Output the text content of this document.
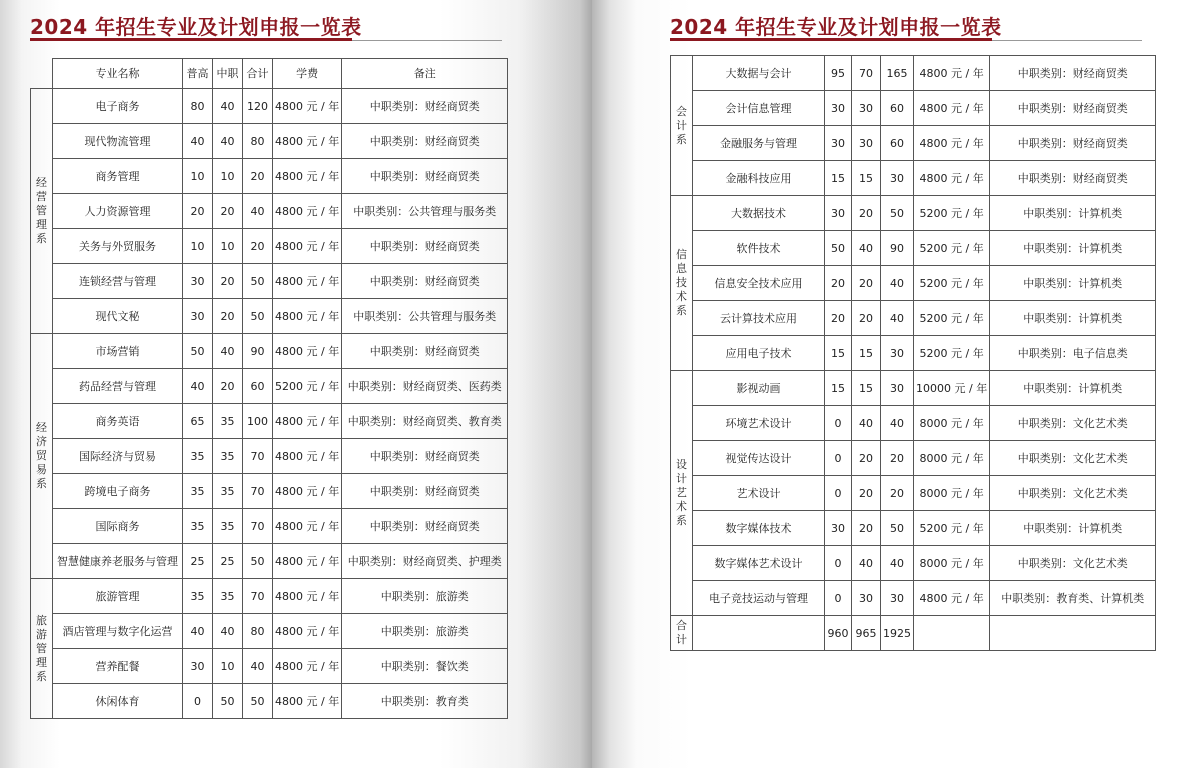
2024 年招生专业及计划申报一览表
	专业名称	普高	中职	合计	学费	备注
经营管理系	电子商务	80	40	120	4800 元 / 年	中职类别：财经商贸类
	现代物流管理	40	40	80	4800 元 / 年	中职类别：财经商贸类
	商务管理	10	10	20	4800 元 / 年	中职类别：财经商贸类
	人力资源管理	20	20	40	4800 元 / 年	中职类别：公共管理与服务类
	关务与外贸服务	10	10	20	4800 元 / 年	中职类别：财经商贸类
	连锁经营与管理	30	20	50	4800 元 / 年	中职类别：财经商贸类
	现代文秘	30	20	50	4800 元 / 年	中职类别：公共管理与服务类
经济贸易系	市场营销	50	40	90	4800 元 / 年	中职类别：财经商贸类
	药品经营与管理	40	20	60	5200 元 / 年	中职类别：财经商贸类、医药类
	商务英语	65	35	100	4800 元 / 年	中职类别：财经商贸类、教育类
	国际经济与贸易	35	35	70	4800 元 / 年	中职类别：财经商贸类
	跨境电子商务	35	35	70	4800 元 / 年	中职类别：财经商贸类
	国际商务	35	35	70	4800 元 / 年	中职类别：财经商贸类
	智慧健康养老服务与管理	25	25	50	4800 元 / 年	中职类别：财经商贸类、护理类
旅游管理系	旅游管理	35	35	70	4800 元 / 年	中职类别：旅游类
	酒店管理与数字化运营	40	40	80	4800 元 / 年	中职类别：旅游类
	营养配餐	30	10	40	4800 元 / 年	中职类别：餐饮类
	休闲体育	0	50	50	4800 元 / 年	中职类别：教育类
2024 年招生专业及计划申报一览表
会计系	大数据与会计	95	70	165	4800 元 / 年	中职类别：财经商贸类
	会计信息管理	30	30	60	4800 元 / 年	中职类别：财经商贸类
	金融服务与管理	30	30	60	4800 元 / 年	中职类别：财经商贸类
	金融科技应用	15	15	30	4800 元 / 年	中职类别：财经商贸类
信息技术系	大数据技术	30	20	50	5200 元 / 年	中职类别：计算机类
	软件技术	50	40	90	5200 元 / 年	中职类别：计算机类
	信息安全技术应用	20	20	40	5200 元 / 年	中职类别：计算机类
	云计算技术应用	20	20	40	5200 元 / 年	中职类别：计算机类
	应用电子技术	15	15	30	5200 元 / 年	中职类别：电子信息类
设计艺术系	影视动画	15	15	30	10000 元 / 年	中职类别：计算机类
	环境艺术设计	0	40	40	8000 元 / 年	中职类别：文化艺术类
	视觉传达设计	0	20	20	8000 元 / 年	中职类别：文化艺术类
	艺术设计	0	20	20	8000 元 / 年	中职类别：文化艺术类
	数字媒体技术	30	20	50	5200 元 / 年	中职类别：计算机类
	数字媒体艺术设计	0	40	40	8000 元 / 年	中职类别：文化艺术类
	电子竞技运动与管理	0	30	30	4800 元 / 年	中职类别：教育类、计算机类
合计		960	965	1925		
